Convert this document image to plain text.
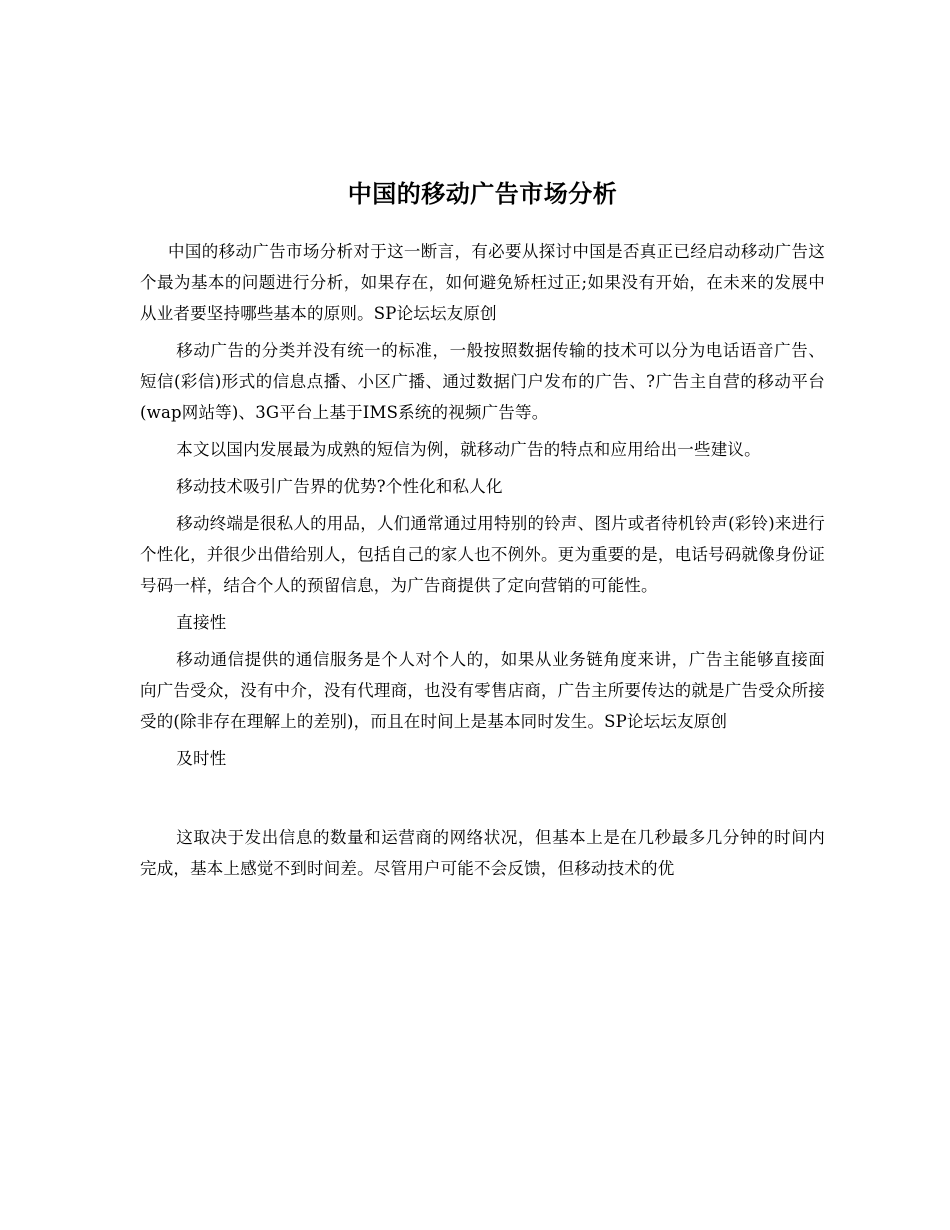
中国的移动广告市场分析

中国的移动广告市场分析对于这一断言，有必要从探讨中国是否真正已经启动移动广告这个最为基本的问题进行分析，如果存在，如何避免矫枉过正;如果没有开始，在未来的发展中从业者要坚持哪些基本的原则。SP论坛坛友原创

移动广告的分类并没有统一的标准，一般按照数据传输的技术可以分为电话语音广告、短信(彩信)形式的信息点播、小区广播、通过数据门户发布的广告、?广告主自营的移动平台(wap网站等)、3G平台上基于IMS系统的视频广告等。

本文以国内发展最为成熟的短信为例，就移动广告的特点和应用给出一些建议。

移动技术吸引广告界的优势?个性化和私人化

移动终端是很私人的用品，人们通常通过用特别的铃声、图片或者待机铃声(彩铃)来进行个性化，并很少出借给别人，包括自己的家人也不例外。更为重要的是，电话号码就像身份证号码一样，结合个人的预留信息，为广告商提供了定向营销的可能性。

直接性

移动通信提供的通信服务是个人对个人的，如果从业务链角度来讲，广告主能够直接面向广告受众，没有中介，没有代理商，也没有零售店商，广告主所要传达的就是广告受众所接受的(除非存在理解上的差别)，而且在时间上是基本同时发生。SP论坛坛友原创

及时性

这取决于发出信息的数量和运营商的网络状况，但基本上是在几秒最多几分钟的时间内完成，基本上感觉不到时间差。尽管用户可能不会反馈，但移动技术的优
